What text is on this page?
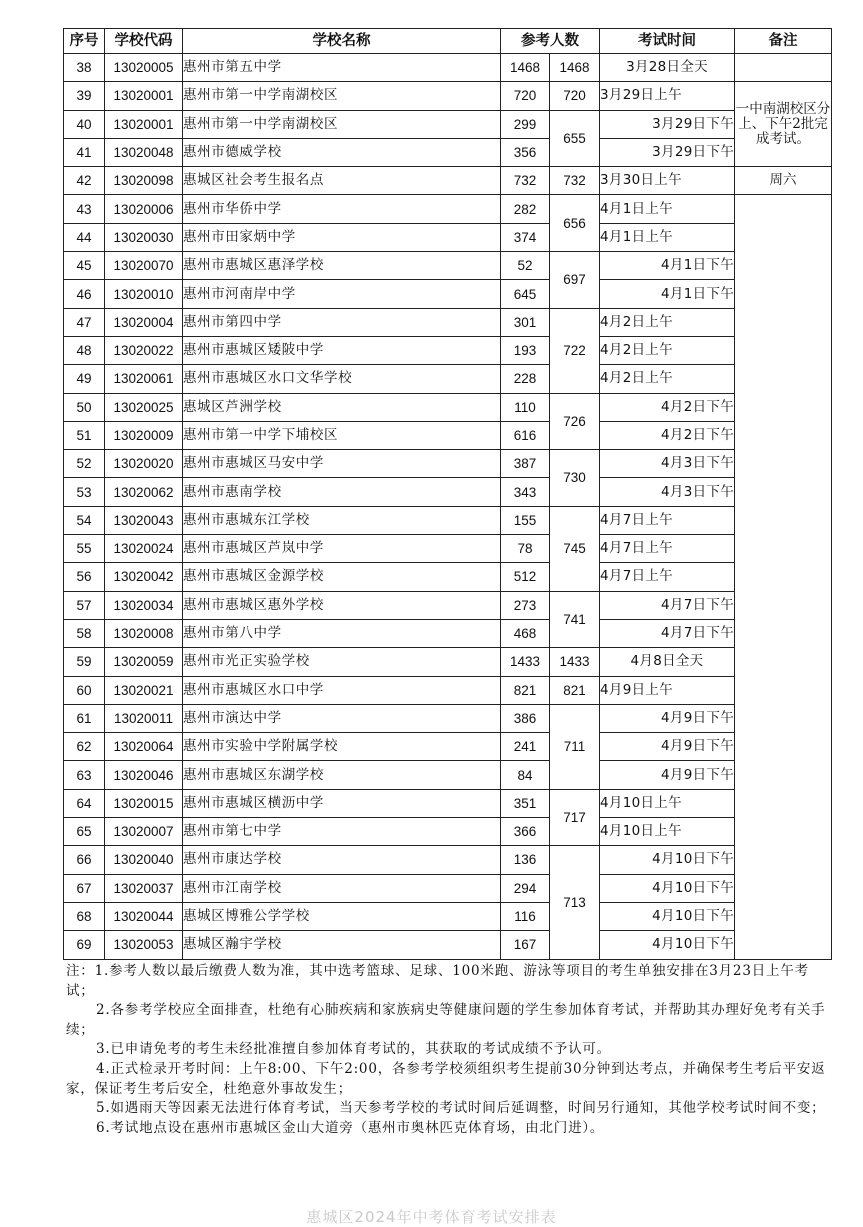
序号	学校代码	学校名称	参考人数		考试时间	备注
38	13020005	惠州市第五中学	1468	1468	3月28日全天	
39	13020001	惠州市第一中学南湖校区	720	720	3月29日上午	一中南湖校区分上、下午2批完成考试。
40	13020001	惠州市第一中学南湖校区	299	655	3月29日下午	
41	13020048	惠州市德威学校	356		3月29日下午	
42	13020098	惠城区社会考生报名点	732	732	3月30日上午	周六
43	13020006	惠州市华侨中学	282	656	4月1日上午	
44	13020030	惠州市田家炳中学	374		4月1日上午	
45	13020070	惠州市惠城区惠泽学校	52	697	4月1日下午	
46	13020010	惠州市河南岸中学	645		4月1日下午	
47	13020004	惠州市第四中学	301	722	4月2日上午	
48	13020022	惠州市惠城区矮陂中学	193		4月2日上午	
49	13020061	惠州市惠城区水口文华学校	228		4月2日上午	
50	13020025	惠城区芦洲学校	110	726	4月2日下午	
51	13020009	惠州市第一中学下埔校区	616		4月2日下午	
52	13020020	惠州市惠城区马安中学	387	730	4月3日下午	
53	13020062	惠州市惠南学校	343		4月3日下午	
54	13020043	惠州市惠城东江学校	155	745	4月7日上午	
55	13020024	惠州市惠城区芦岚中学	78		4月7日上午	
56	13020042	惠州市惠城区金源学校	512		4月7日上午	
57	13020034	惠州市惠城区惠外学校	273	741	4月7日下午	
58	13020008	惠州市第八中学	468		4月7日下午	
59	13020059	惠州市光正实验学校	1433	1433	4月8日全天	
60	13020021	惠州市惠城区水口中学	821	821	4月9日上午	
61	13020011	惠州市演达中学	386	711	4月9日下午	
62	13020064	惠州市实验中学附属学校	241		4月9日下午	
63	13020046	惠州市惠城区东湖学校	84		4月9日下午	
64	13020015	惠州市惠城区横沥中学	351	717	4月10日上午	
65	13020007	惠州市第七中学	366		4月10日上午	
66	13020040	惠州市康达学校	136	713	4月10日下午	
67	13020037	惠州市江南学校	294		4月10日下午	
68	13020044	惠城区博雅公学学校	116		4月10日下午	
69	13020053	惠城区瀚宇学校	167		4月10日下午	

注：1.参考人数以最后缴费人数为准，其中选考篮球、足球、100米跑、游泳等项目的考生单独安排在3月23日上午考试；

2.各参考学校应全面排查，杜绝有心肺疾病和家族病史等健康问题的学生参加体育考试，并帮助其办理好免考有关手续；

3.已申请免考的考生未经批准擅自参加体育考试的，其获取的考试成绩不予认可。

4.正式检录开考时间：上午8:00、下午2:00，各参考学校须组织考生提前30分钟到达考点，并确保考生考后平安返家，保证考生考后安全，杜绝意外事故发生；

5.如遇雨天等因素无法进行体育考试，当天参考学校的考试时间后延调整，时间另行通知，其他学校考试时间不变；

6.考试地点设在惠州市惠城区金山大道旁（惠州市奥林匹克体育场，由北门进）。

惠城区2024年中考体育考试安排表
